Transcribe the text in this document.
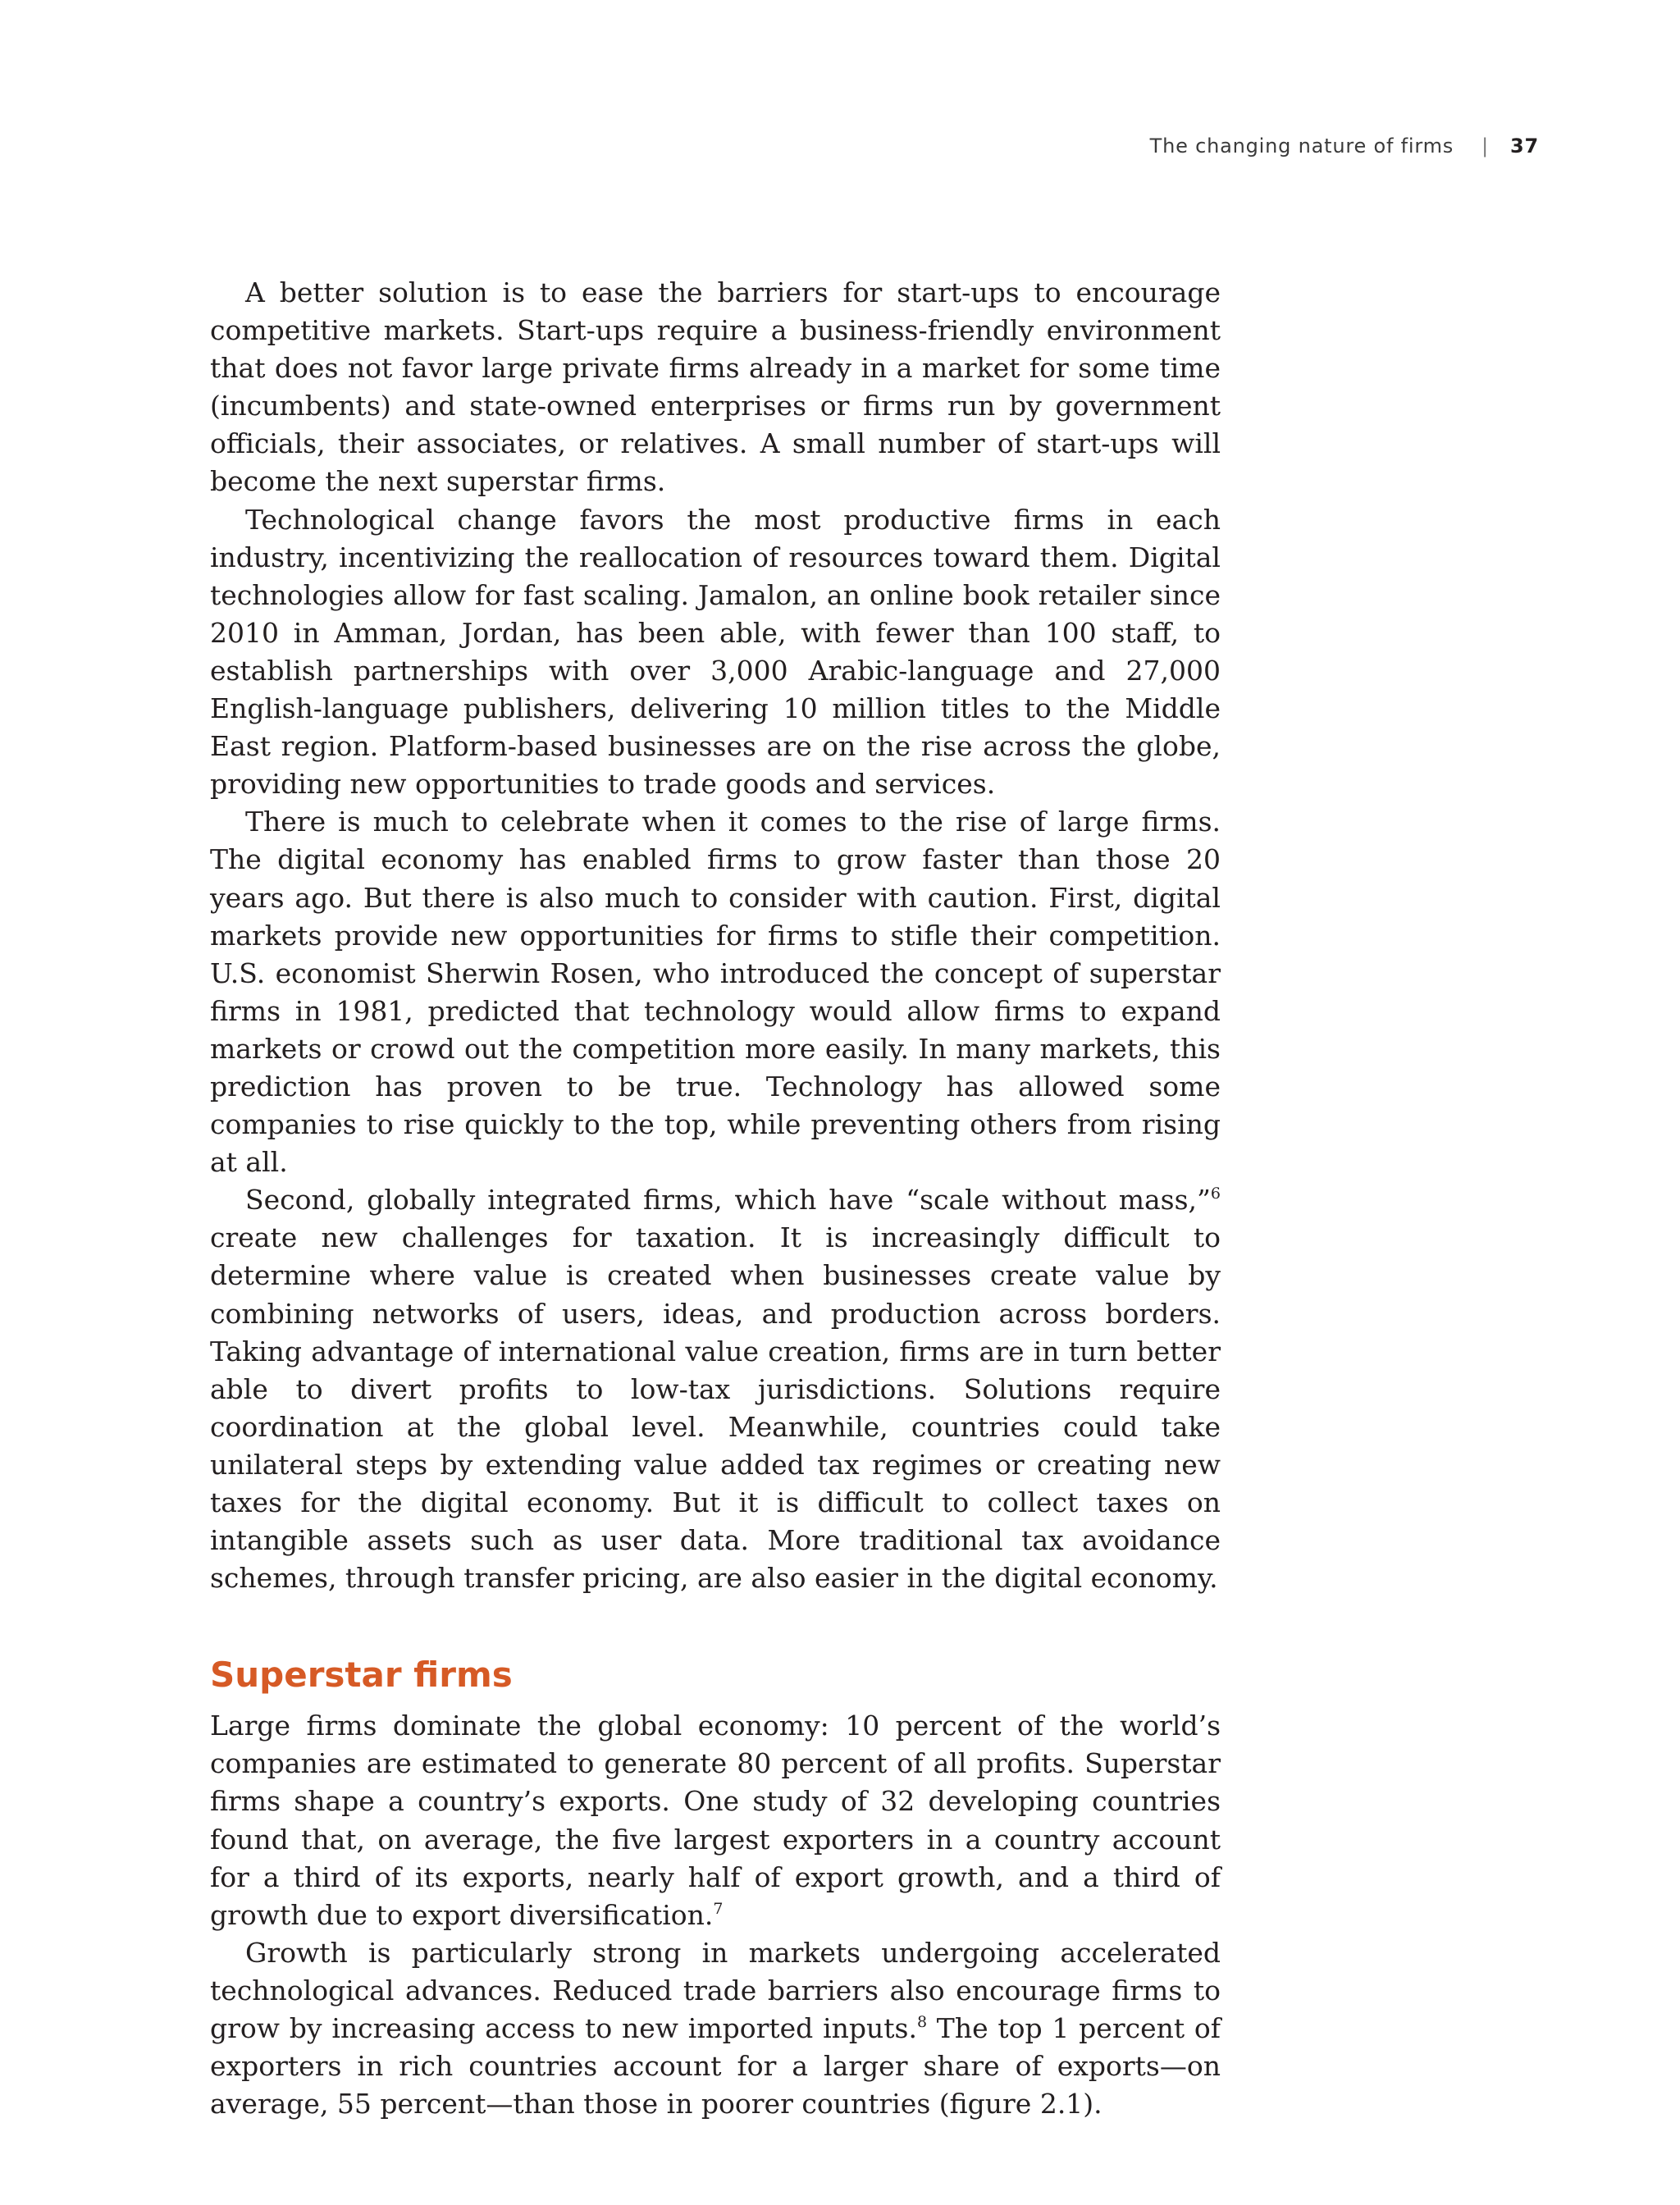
The changing nature of firms | 37

A better solution is to ease the barriers for start-ups to encourage competitive markets. Start-ups require a business-friendly environment that does not favor large private firms already in a market for some time (incumbents) and state-owned enterprises or firms run by government officials, their associates, or relatives. A small number of start-ups will become the next superstar firms.

Technological change favors the most productive firms in each industry, incentivizing the reallocation of resources toward them. Digital technologies allow for fast scaling. Jamalon, an online book retailer since 2010 in Amman, Jordan, has been able, with fewer than 100 staff, to establish partnerships with over 3,000 Arabic-language and 27,000 English-language publishers, delivering 10 million titles to the Middle East region. Platform-based businesses are on the rise across the globe, providing new opportunities to trade goods and services.

There is much to celebrate when it comes to the rise of large firms. The digital economy has enabled firms to grow faster than those 20 years ago. But there is also much to consider with caution. First, digital markets provide new opportunities for firms to stifle their competition. U.S. economist Sherwin Rosen, who introduced the concept of superstar firms in 1981, predicted that technology would allow firms to expand markets or crowd out the competition more easily. In many markets, this prediction has proven to be true. Technology has allowed some companies to rise quickly to the top, while preventing others from rising at all.

Second, globally integrated firms, which have “scale without mass,”$^6$ create new challenges for taxation. It is increasingly difficult to determine where value is created when businesses create value by combining networks of users, ideas, and production across borders. Taking advantage of international value creation, firms are in turn better able to divert profits to low-tax jurisdictions. Solutions require coordination at the global level. Meanwhile, countries could take unilateral steps by extending value added tax regimes or creating new taxes for the digital economy. But it is difficult to collect taxes on intangible assets such as user data. More traditional tax avoidance schemes, through transfer pricing, are also easier in the digital economy.

Superstar firms

Large firms dominate the global economy: 10 percent of the world’s companies are estimated to generate 80 percent of all profits. Superstar firms shape a country’s exports. One study of 32 developing countries found that, on average, the five largest exporters in a country account for a third of its exports, nearly half of export growth, and a third of growth due to export diversification.$^7$

Growth is particularly strong in markets undergoing accelerated technological advances. Reduced trade barriers also encourage firms to grow by increasing access to new imported inputs.$^8$ The top 1 percent of exporters in rich countries account for a larger share of exports—on average, 55 percent—than those in poorer countries (figure 2.1).
